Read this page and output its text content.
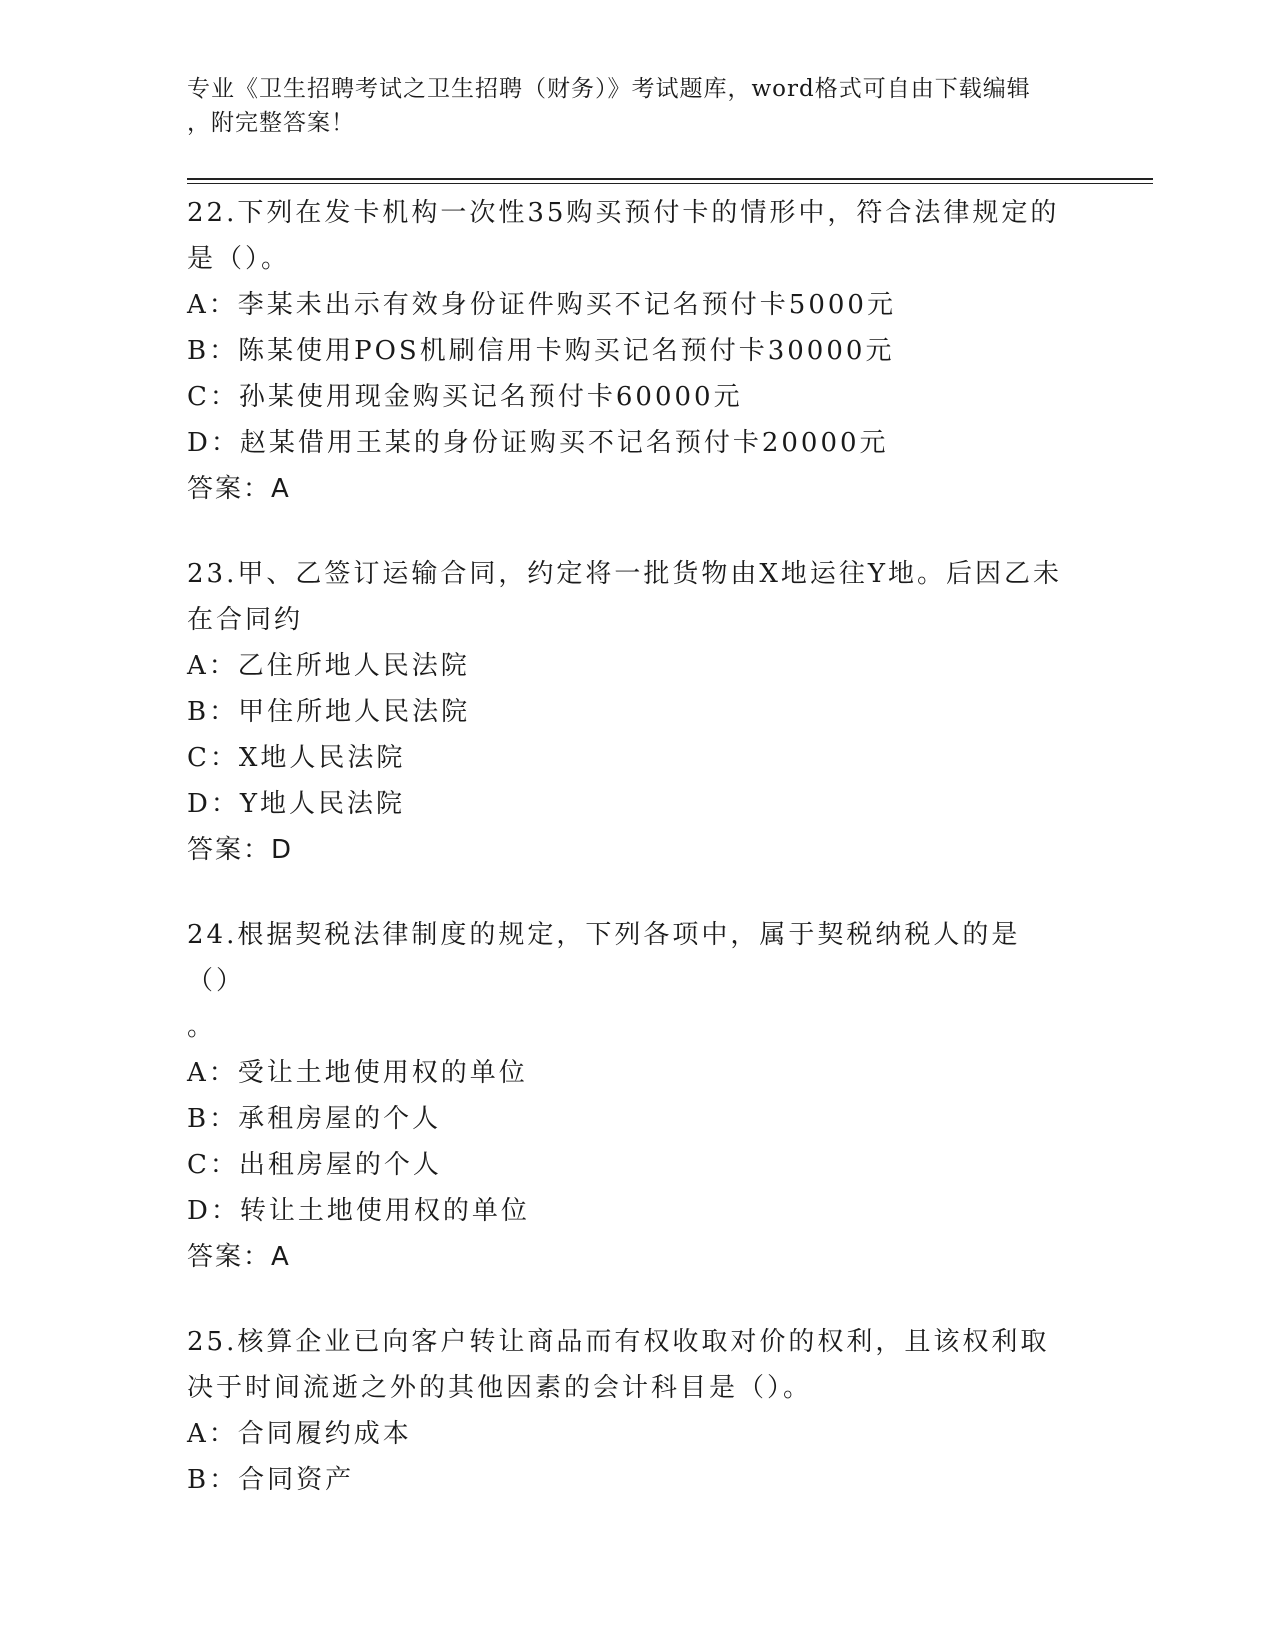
专业《卫生招聘考试之卫生招聘（财务）》考试题库，word格式可自由下载编辑
，附完整答案！
22.下列在发卡机构一次性35购买预付卡的情形中，符合法律规定的是（）。
A：李某未出示有效身份证件购买不记名预付卡5000元
B：陈某使用POS机刷信用卡购买记名预付卡30000元
C：孙某使用现金购买记名预付卡60000元
D：赵某借用王某的身份证购买不记名预付卡20000元
答案：A
23.甲、乙签订运输合同，约定将一批货物由X地运往Y地。后因乙未在合同约
A：乙住所地人民法院
B：甲住所地人民法院
C：X地人民法院
D：Y地人民法院
答案：D
24.根据契税法律制度的规定，下列各项中，属于契税纳税人的是（）
。
A：受让土地使用权的单位
B：承租房屋的个人
C：出租房屋的个人
D：转让土地使用权的单位
答案：A
25.核算企业已向客户转让商品而有权收取对价的权利，且该权利取决于时间流逝之外的其他因素的会计科目是（）。
A：合同履约成本
B：合同资产
